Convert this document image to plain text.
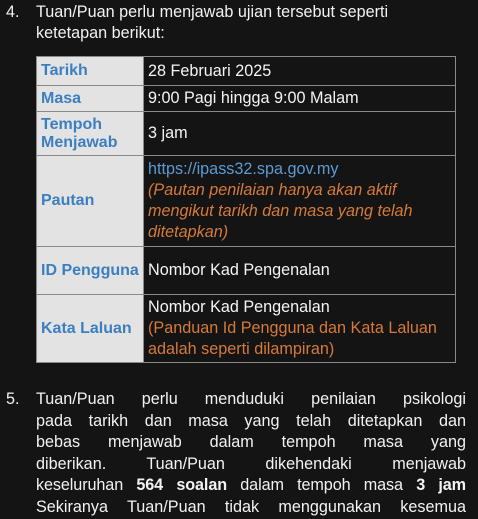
4. Tuan/Puan perlu menjawab ujian tersebut seperti
ketetapan berikut:
Tarikh	28 Februari 2025
Masa	9:00 Pagi hingga 9:00 Malam
Tempoh Menjawab	3 jam
Pautan	https://ipass32.spa.gov.my
(Pautan penilaian hanya akan aktif mengikut tarikh dan masa yang telah ditetapkan)

ID Pengguna	Nombor Kad Pengenalan
Kata Laluan	Nombor Kad Pengenalan
(Panduan Id Pengguna dan Kata Laluan adalah seperti dilampiran)
5. Tuan/Puan perlu menduduki penilaian psikologi
pada tarikh dan masa yang telah ditetapkan dan
bebas menjawab dalam tempoh masa yang
diberikan. Tuan/Puan dikehendaki menjawab
keseluruhan 564 soalan dalam tempoh masa 3 jam
Sekiranya Tuan/Puan tidak menggunakan kesemua
